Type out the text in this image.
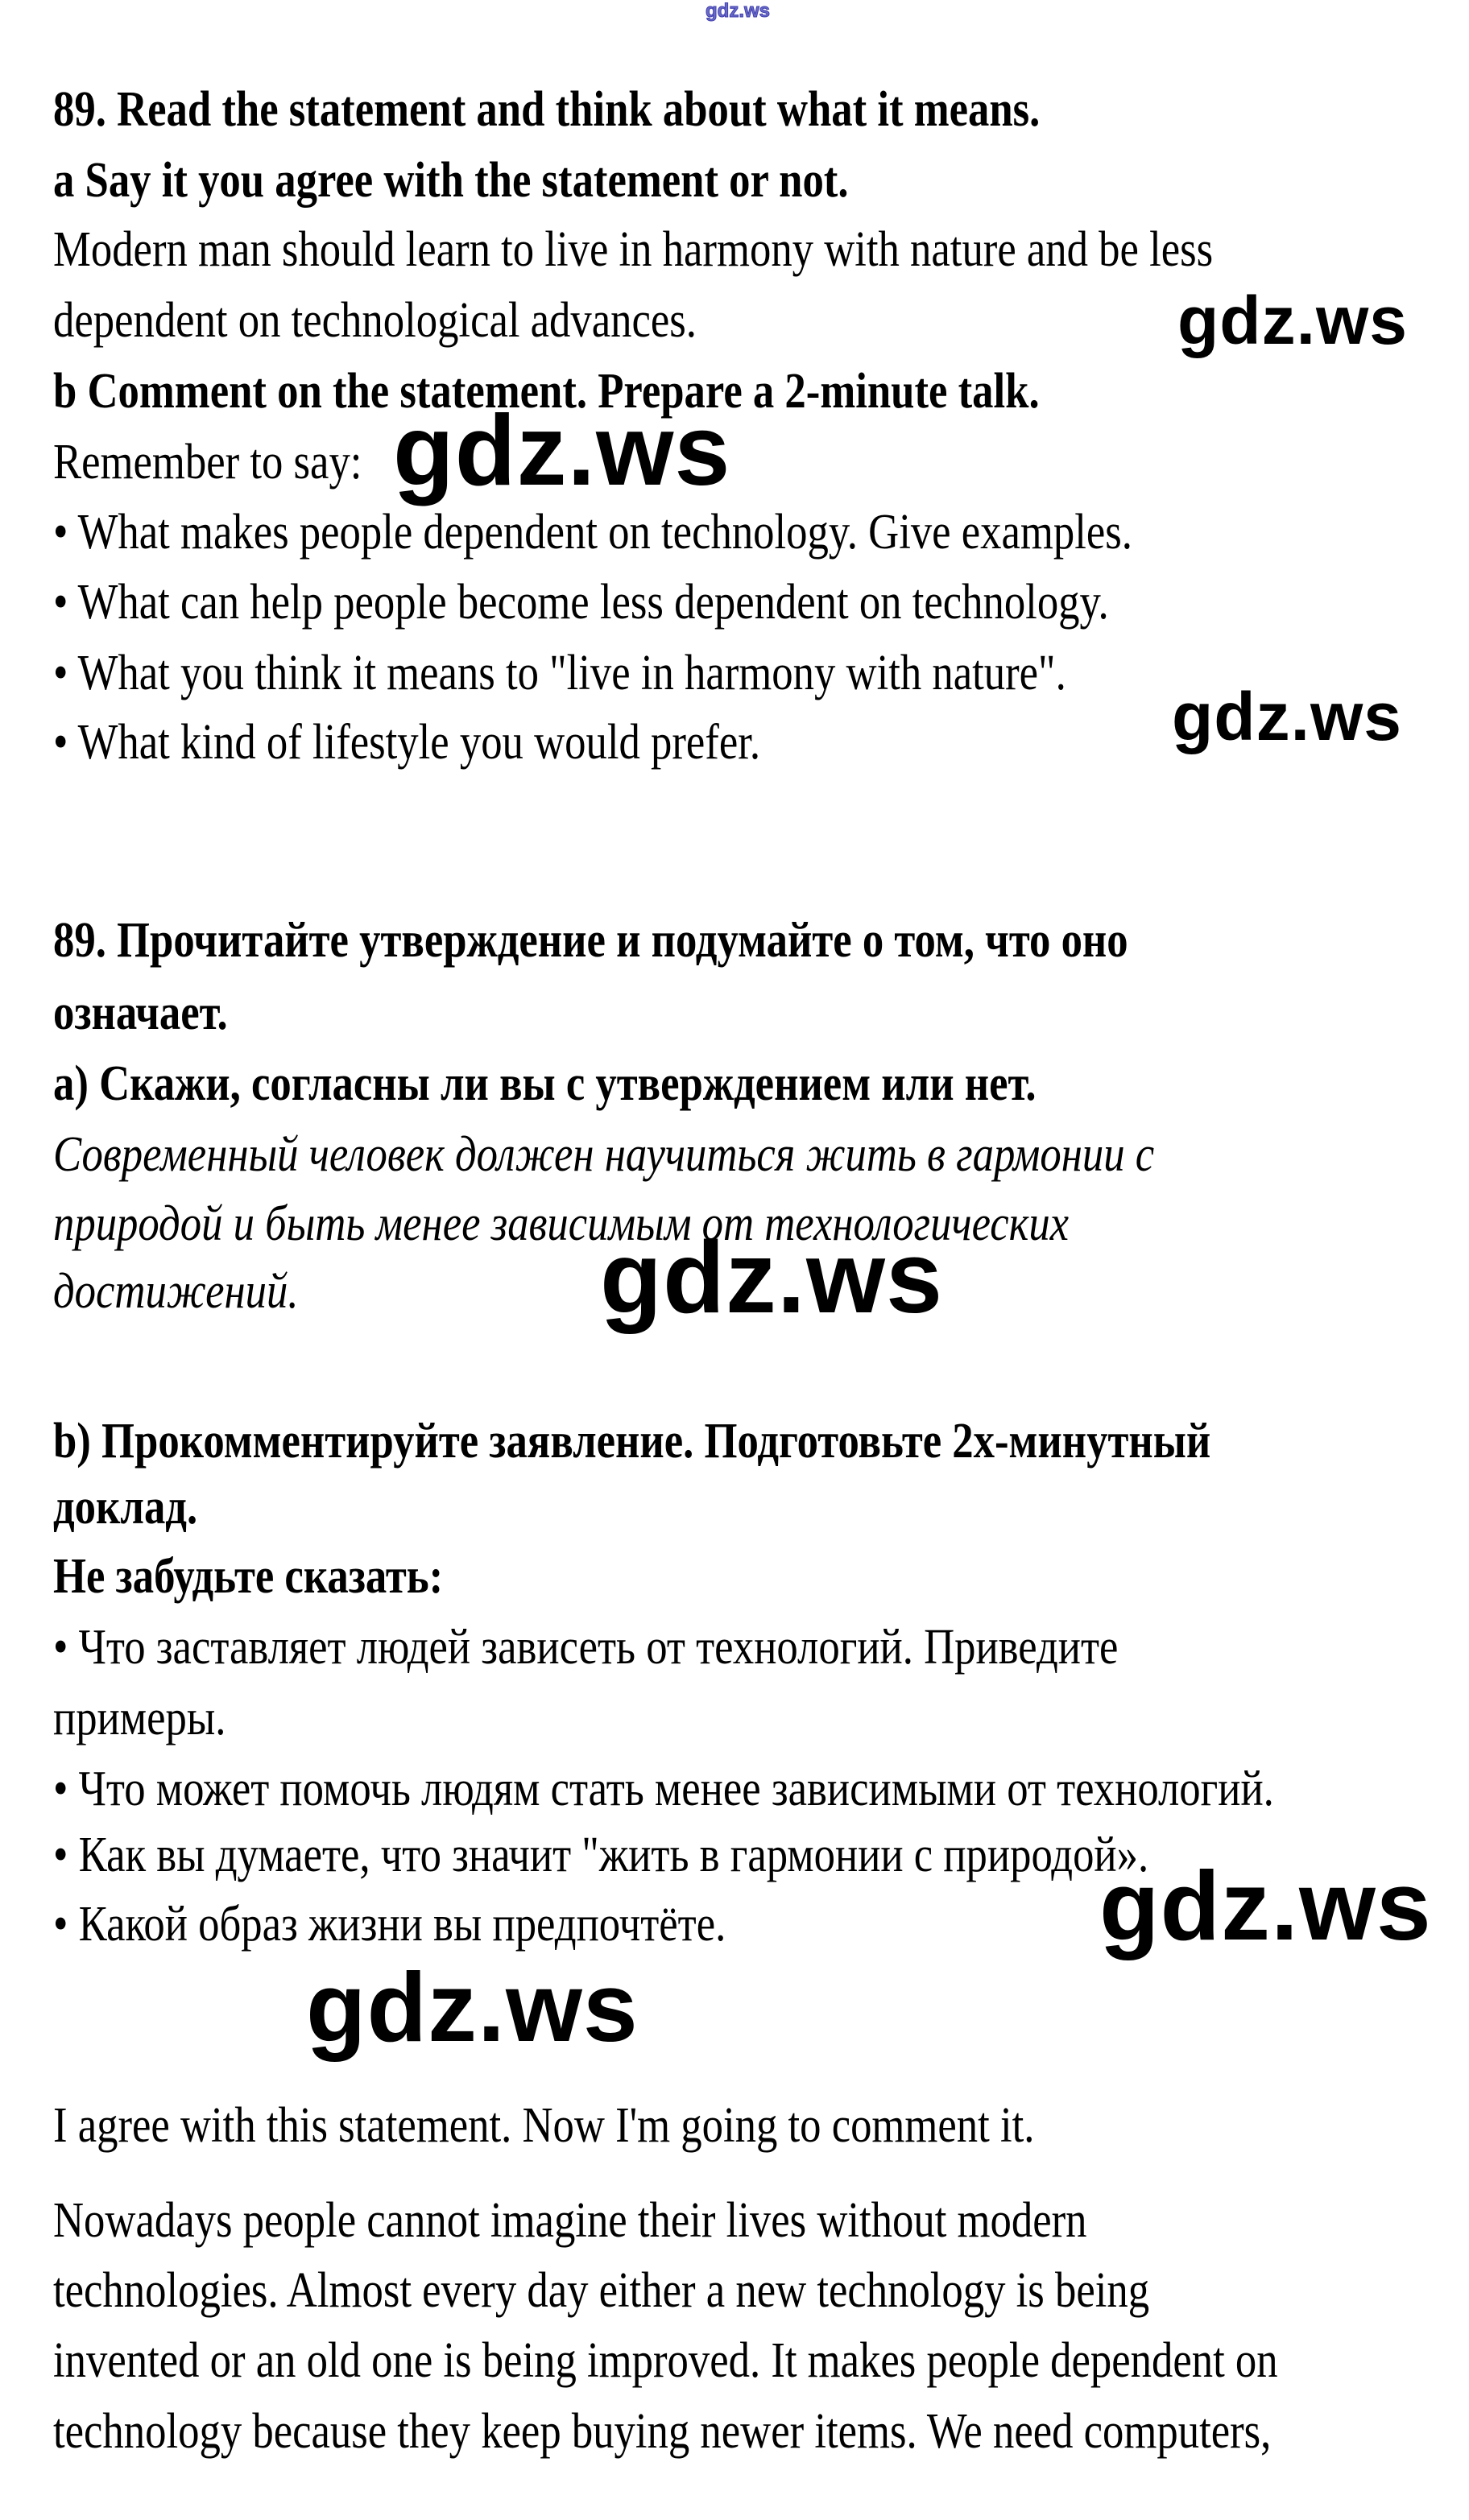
gdz.ws
gdz.ws
gdz.ws
gdz.ws
gdz.ws
gdz.ws
gdz.ws
89. Read the statement and think about what it means.
a Say it you agree with the statement or not.
Modern man should learn to live in harmony with nature and be less
dependent on technological advances.
b Comment on the statement. Prepare a 2-minute talk.
Remember to say:
• What makes people dependent on technology. Give examples.
• What can help people become less dependent on technology.
• What you think it means to "live in harmony with nature".
• What kind of lifestyle you would prefer.
89. Прочитайте утверждение и подумайте о том, что оно
означает.
а) Скажи, согласны ли вы с утверждением или нет.
Современный человек должен научиться жить в гармонии с
природой и быть менее зависимым от технологических
достижений.
b) Прокомментируйте заявление. Подготовьте 2х-минутный
доклад.
Не забудьте сказать:
• Что заставляет людей зависеть от технологий. Приведите
примеры.
• Что может помочь людям стать менее зависимыми от технологий.
• Как вы думаете, что значит "жить в гармонии с природой».
• Какой образ жизни вы предпочтёте.
I agree with this statement. Now I'm going to comment it.
Nowadays people cannot imagine their lives without modern
technologies. Almost every day either a new technology is being
invented or an old one is being improved. It makes people dependent on
technology because they keep buying newer items. We need computers,
